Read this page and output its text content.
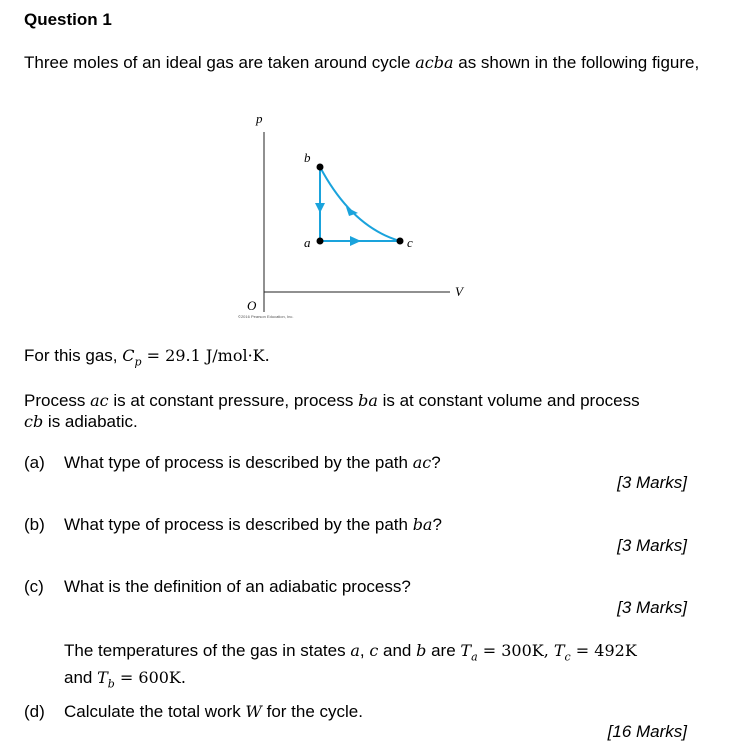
Question 1
Three moles of an ideal gas are taken around cycle acba as shown in the following figure,
p
V
O
©2016 Pearson Education, Inc.
b
a	c
For this gas, $C_p = 29.1$ J/mol·K.
Process ac is at constant pressure, process ba is at constant volume and process
cb is adiabatic.
(a) What type of process is described by the path ac?
[3 Marks]
(b) What type of process is described by the path ba?
[3 Marks]
(c) What is the definition of an adiabatic process?
[3 Marks]
The temperatures of the gas in states a, c and b are $T_a = 300K$, $T_c = 492K$
and $T_b = 600K$.
(d) Calculate the total work W for the cycle.
[16 Marks]
